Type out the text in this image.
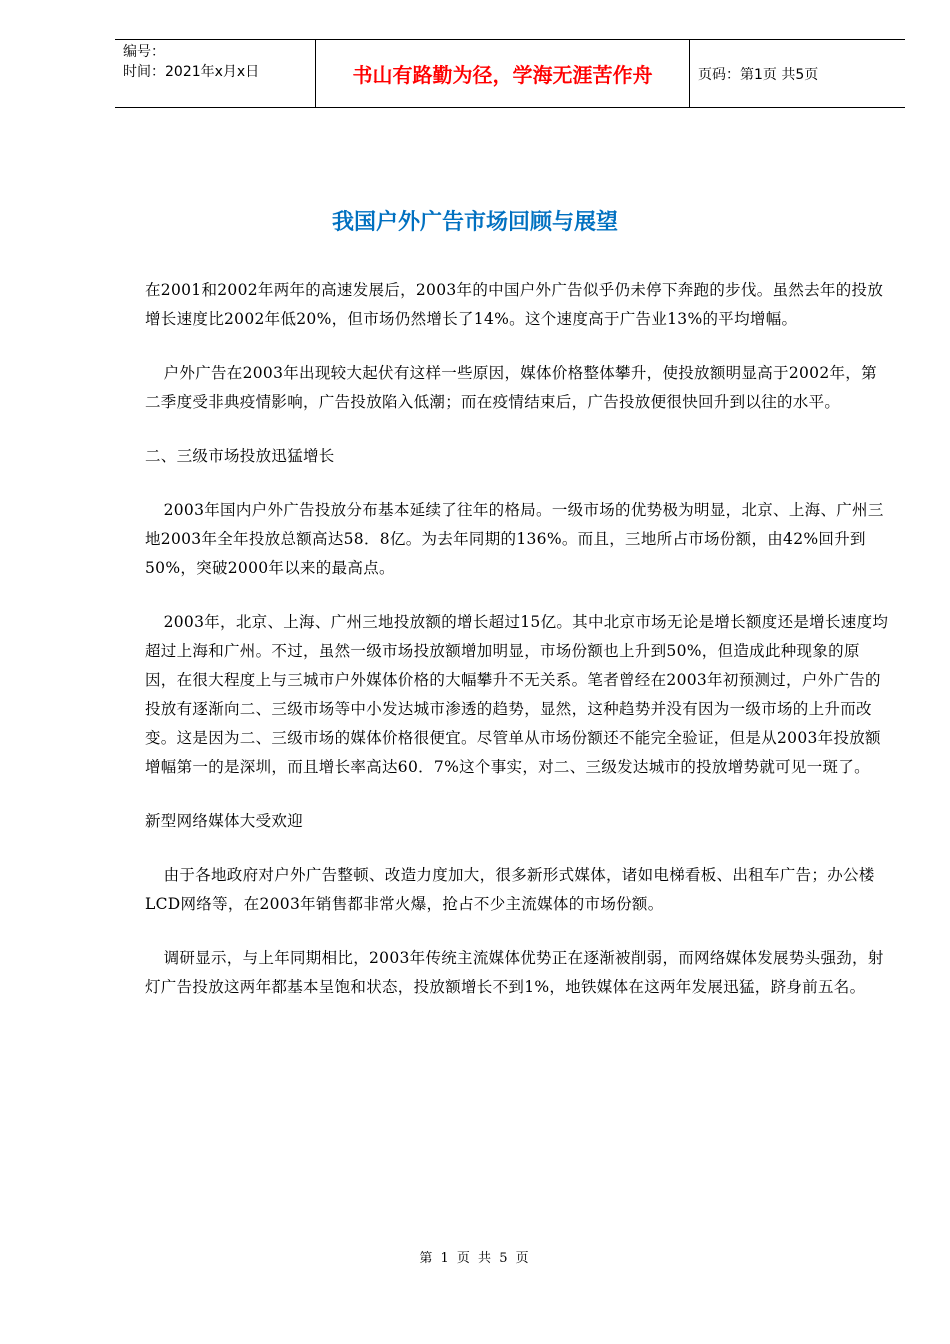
编号：
时间：2021年x月x日	书山有路勤为径，学海无涯苦作舟	页码：第1页 共5页
我国户外广告市场回顾与展望

在2001和2002年两年的高速发展后，2003年的中国户外广告似乎仍未停下奔跑的步伐。虽然去年的投放增长速度比2002年低20%，但市场仍然增长了14%。这个速度高于广告业13%的平均增幅。

户外广告在2003年出现较大起伏有这样一些原因，媒体价格整体攀升，使投放额明显高于2002年，第二季度受非典疫情影响，广告投放陷入低潮；而在疫情结束后，广告投放便很快回升到以往的水平。

二、三级市场投放迅猛增长

2003年国内户外广告投放分布基本延续了往年的格局。一级市场的优势极为明显，北京、上海、广州三地2003年全年投放总额高达58．8亿。为去年同期的136%。而且，三地所占市场份额，由42%回升到50%，突破2000年以来的最高点。

2003年，北京、上海、广州三地投放额的增长超过15亿。其中北京市场无论是增长额度还是增长速度均超过上海和广州。不过，虽然一级市场投放额增加明显，市场份额也上升到50%，但造成此种现象的原因，在很大程度上与三城市户外媒体价格的大幅攀升不无关系。笔者曾经在2003年初预测过，户外广告的投放有逐渐向二、三级市场等中小发达城市渗透的趋势，显然，这种趋势并没有因为一级市场的上升而改变。这是因为二、三级市场的媒体价格很便宜。尽管单从市场份额还不能完全验证，但是从2003年投放额增幅第一的是深圳，而且增长率高达60．7%这个事实，对二、三级发达城市的投放增势就可见一斑了。

新型网络媒体大受欢迎

由于各地政府对户外广告整顿、改造力度加大，很多新形式媒体，诸如电梯看板、出租车广告；办公楼LCD网络等，在2003年销售都非常火爆，抢占不少主流媒体的市场份额。

调研显示，与上年同期相比，2003年传统主流媒体优势正在逐渐被削弱，而网络媒体发展势头强劲，射灯广告投放这两年都基本呈饱和状态，投放额增长不到1%，地铁媒体在这两年发展迅猛，跻身前五名。

第 1 页 共 5 页
